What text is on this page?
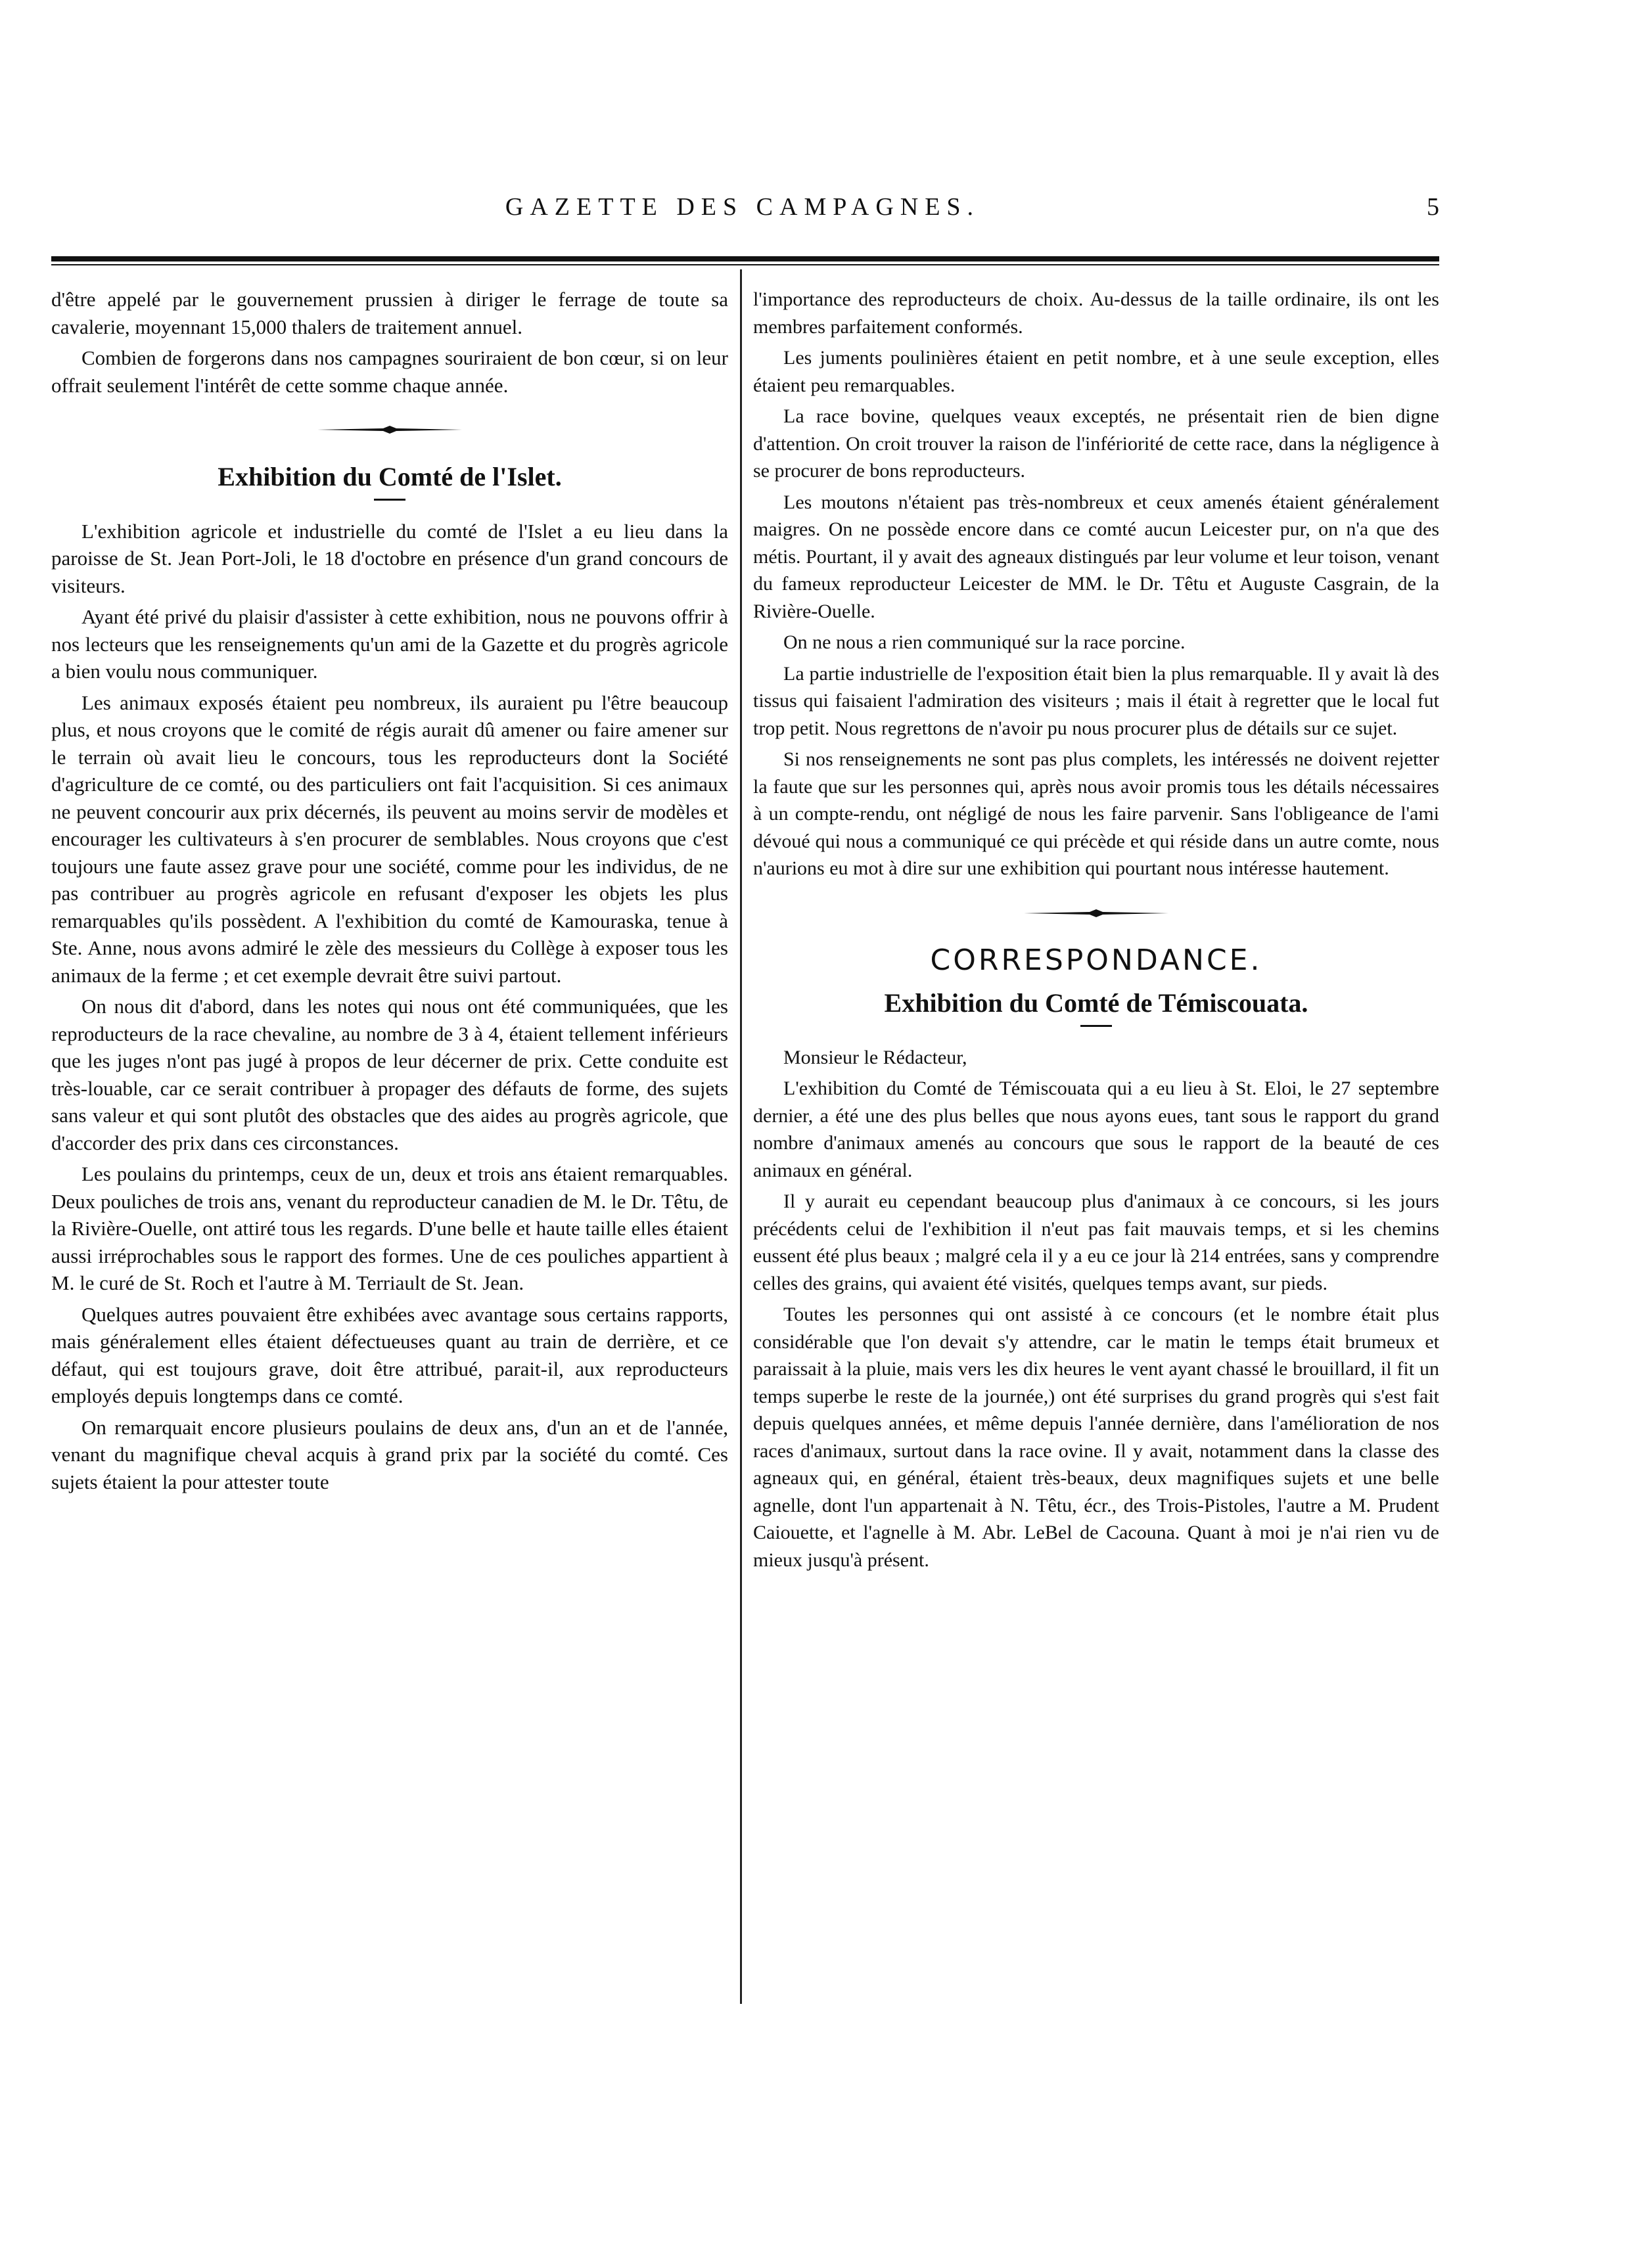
GAZETTE DES CAMPAGNES.	5

d'être appelé par le gouvernement prussien à diriger le ferrage de toute sa cavalerie, moyennant 15,000 thalers de traitement annuel.

Combien de forgerons dans nos campagnes souriraient de bon cœur, si on leur offrait seulement l'intérêt de cette somme chaque année.

Exhibition du Comté de l'Islet.

L'exhibition agricole et industrielle du comté de l'Islet a eu lieu dans la paroisse de St. Jean Port-Joli, le 18 d'octobre en présence d'un grand concours de visiteurs.

Ayant été privé du plaisir d'assister à cette exhibition, nous ne pouvons offrir à nos lecteurs que les renseignements qu'un ami de la Gazette et du progrès agricole a bien voulu nous communiquer.

Les animaux exposés étaient peu nombreux, ils auraient pu l'être beaucoup plus, et nous croyons que le comité de régis aurait dû amener ou faire amener sur le terrain où avait lieu le concours, tous les reproducteurs dont la Société d'agriculture de ce comté, ou des particuliers ont fait l'acquisition. Si ces animaux ne peuvent concourir aux prix décernés, ils peuvent au moins servir de modèles et encourager les cultivateurs à s'en procurer de semblables. Nous croyons que c'est toujours une faute assez grave pour une société, comme pour les individus, de ne pas contribuer au progrès agricole en refusant d'exposer les objets les plus remarquables qu'ils possèdent. A l'exhibition du comté de Kamouraska, tenue à Ste. Anne, nous avons admiré le zèle des messieurs du Collège à exposer tous les animaux de la ferme ; et cet exemple devrait être suivi partout.

On nous dit d'abord, dans les notes qui nous ont été communiquées, que les reproducteurs de la race chevaline, au nombre de 3 à 4, étaient tellement inférieurs que les juges n'ont pas jugé à propos de leur décerner de prix. Cette conduite est très-louable, car ce serait contribuer à propager des défauts de forme, des sujets sans valeur et qui sont plutôt des obstacles que des aides au progrès agricole, que d'accorder des prix dans ces circonstances.

Les poulains du printemps, ceux de un, deux et trois ans étaient remarquables. Deux pouliches de trois ans, venant du reproducteur canadien de M. le Dr. Têtu, de la Rivière-Ouelle, ont attiré tous les regards. D'une belle et haute taille elles étaient aussi irréprochables sous le rapport des formes. Une de ces pouliches appartient à M. le curé de St. Roch et l'autre à M. Terriault de St. Jean.

Quelques autres pouvaient être exhibées avec avantage sous certains rapports, mais généralement elles étaient défectueuses quant au train de derrière, et ce défaut, qui est toujours grave, doit être attribué, parait-il, aux reproducteurs employés depuis longtemps dans ce comté.

On remarquait encore plusieurs poulains de deux ans, d'un an et de l'année, venant du magnifique cheval acquis à grand prix par la société du comté. Ces sujets étaient la pour attester toute

l'importance des reproducteurs de choix. Au-dessus de la taille ordinaire, ils ont les membres parfaitement conformés.

Les juments poulinières étaient en petit nombre, et à une seule exception, elles étaient peu remarquables.

La race bovine, quelques veaux exceptés, ne présentait rien de bien digne d'attention. On croit trouver la raison de l'infériorité de cette race, dans la négligence à se procurer de bons reproducteurs.

Les moutons n'étaient pas très-nombreux et ceux amenés étaient généralement maigres. On ne possède encore dans ce comté aucun Leicester pur, on n'a que des métis. Pourtant, il y avait des agneaux distingués par leur volume et leur toison, venant du fameux reproducteur Leicester de MM. le Dr. Têtu et Auguste Casgrain, de la Rivière-Ouelle.

On ne nous a rien communiqué sur la race porcine.

La partie industrielle de l'exposition était bien la plus remarquable. Il y avait là des tissus qui faisaient l'admiration des visiteurs ; mais il était à regretter que le local fut trop petit. Nous regrettons de n'avoir pu nous procurer plus de détails sur ce sujet.

Si nos renseignements ne sont pas plus complets, les intéressés ne doivent rejetter la faute que sur les personnes qui, après nous avoir promis tous les détails nécessaires à un compte-rendu, ont négligé de nous les faire parvenir. Sans l'obligeance de l'ami dévoué qui nous a communiqué ce qui précède et qui réside dans un autre comte, nous n'aurions eu mot à dire sur une exhibition qui pourtant nous intéresse hautement.

CORRESPONDANCE.
Exhibition du Comté de Témiscouata.

Monsieur le Rédacteur,

L'exhibition du Comté de Témiscouata qui a eu lieu à St. Eloi, le 27 septembre dernier, a été une des plus belles que nous ayons eues, tant sous le rapport du grand nombre d'animaux amenés au concours que sous le rapport de la beauté de ces animaux en général.

Il y aurait eu cependant beaucoup plus d'animaux à ce concours, si les jours précédents celui de l'exhibition il n'eut pas fait mauvais temps, et si les chemins eussent été plus beaux ; malgré cela il y a eu ce jour là 214 entrées, sans y comprendre celles des grains, qui avaient été visités, quelques temps avant, sur pieds.

Toutes les personnes qui ont assisté à ce concours (et le nombre était plus considérable que l'on devait s'y attendre, car le matin le temps était brumeux et paraissait à la pluie, mais vers les dix heures le vent ayant chassé le brouillard, il fit un temps superbe le reste de la journée,) ont été surprises du grand progrès qui s'est fait depuis quelques années, et même depuis l'année dernière, dans l'amélioration de nos races d'animaux, surtout dans la race ovine. Il y avait, notamment dans la classe des agneaux qui, en général, étaient très-beaux, deux magnifiques sujets et une belle agnelle, dont l'un appartenait à N. Têtu, écr., des Trois-Pistoles, l'autre a M. Prudent Caiouette, et l'agnelle à M. Abr. LeBel de Cacouna. Quant à moi je n'ai rien vu de mieux jusqu'à présent.
